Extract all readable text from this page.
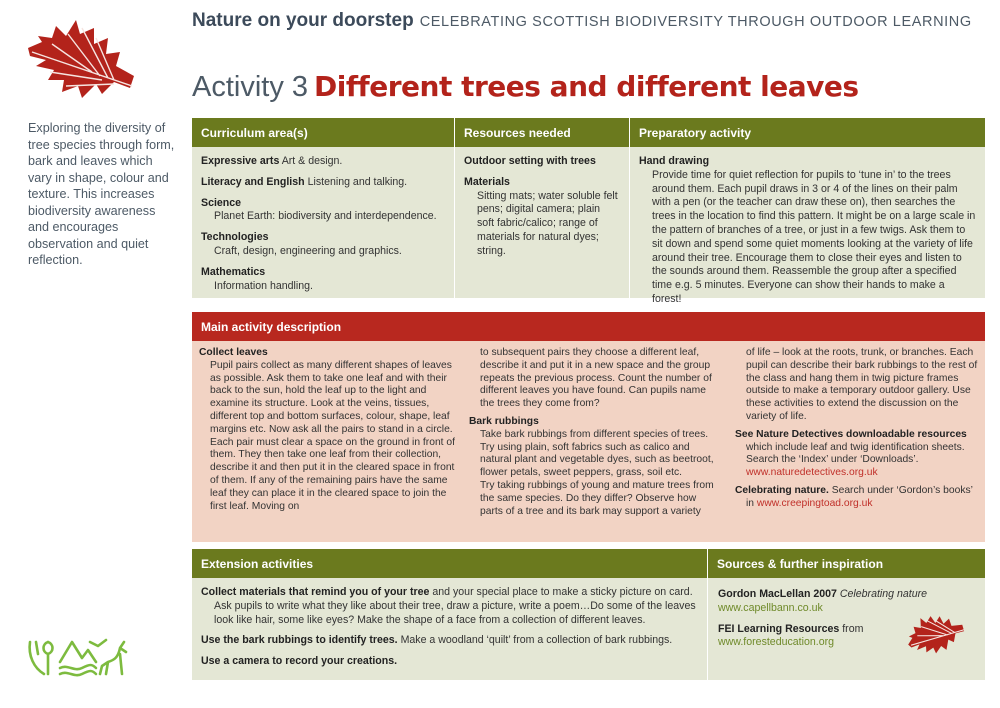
Nature on your doorstep CELEBRATING SCOTTISH BIODIVERSITY THROUGH OUTDOOR LEARNING
Activity 3 Different trees and different leaves
Exploring the diversity of tree species through form, bark and leaves which vary in shape, colour and texture. This increases biodiversity awareness and encourages observation and quiet reflection.
Curriculum area(s)	Resources needed	Preparatory activity
Expressive arts Art & design.
Literacy and English Listening and talking.
Science
Planet Earth: biodiversity and interdependence.
Technologies
Craft, design, engineering and graphics.
Mathematics
Information handling.
Outdoor setting with trees
Materials
Sitting mats; water soluble felt pens; digital camera; plain soft fabric/calico; range of materials for natural dyes; string.
Hand drawing
Provide time for quiet reflection for pupils to ‘tune in’ to the trees around them. Each pupil draws in 3 or 4 of the lines on their palm with a pen (or the teacher can draw these on), then searches the trees in the location to find this pattern. It might be on a large scale in the pattern of branches of a tree, or just in a few twigs. Ask them to sit down and spend some quiet moments looking at the variety of life around their tree. Encourage them to close their eyes and listen to the sounds around them. Reassemble the group after a specified time e.g. 5 minutes. Everyone can show their hands to make a forest!
Main activity description
Collect leaves
Pupil pairs collect as many different shapes of leaves as possible. Ask them to take one leaf and with their back to the sun, hold the leaf up to the light and examine its structure. Look at the veins, tissues, different top and bottom surfaces, colour, shape, leaf margins etc. Now ask all the pairs to stand in a circle. Each pair must clear a space on the ground in front of them. They then take one leaf from their collection, describe it and then put it in the cleared space in front of them. If any of the remaining pairs have the same leaf they can place it in the cleared space to join the first leaf. Moving on
to subsequent pairs they choose a different leaf, describe it and put it in a new space and the group repeats the previous process. Count the number of different leaves you have found. Can pupils name the trees they come from?
Bark rubbings
Take bark rubbings from different species of trees. Try using plain, soft fabrics such as calico and natural plant and vegetable dyes, such as beetroot, flower petals, sweet peppers, grass, soil etc.
Try taking rubbings of young and mature trees from the same species. Do they differ? Observe how parts of a tree and its bark may support a variety
of life – look at the roots, trunk, or branches. Each pupil can describe their bark rubbings to the rest of the class and hang them in twig picture frames outside to make a temporary outdoor gallery. Use these activities to extend the discussion on the variety of life.
See Nature Detectives downloadable resources which include leaf and twig identification sheets. Search the ‘Index’ under ‘Downloads’. www.naturedetectives.org.uk
Celebrating nature. Search under ‘Gordon’s books’ in www.creepingtoad.org.uk
Extension activities
Collect materials that remind you of your tree and your special place to make a sticky picture on card.
Ask pupils to write what they like about their tree, draw a picture, write a poem…Do some of the leaves look like hair, some like eyes? Make the shape of a face from a collection of different leaves.
Use the bark rubbings to identify trees. Make a woodland ‘quilt’ from a collection of bark rubbings.
Use a camera to record your creations.
Sources & further inspiration
Gordon MacLellan 2007 Celebrating nature
www.capellbann.co.uk
FEI Learning Resources from
www.foresteducation.org
